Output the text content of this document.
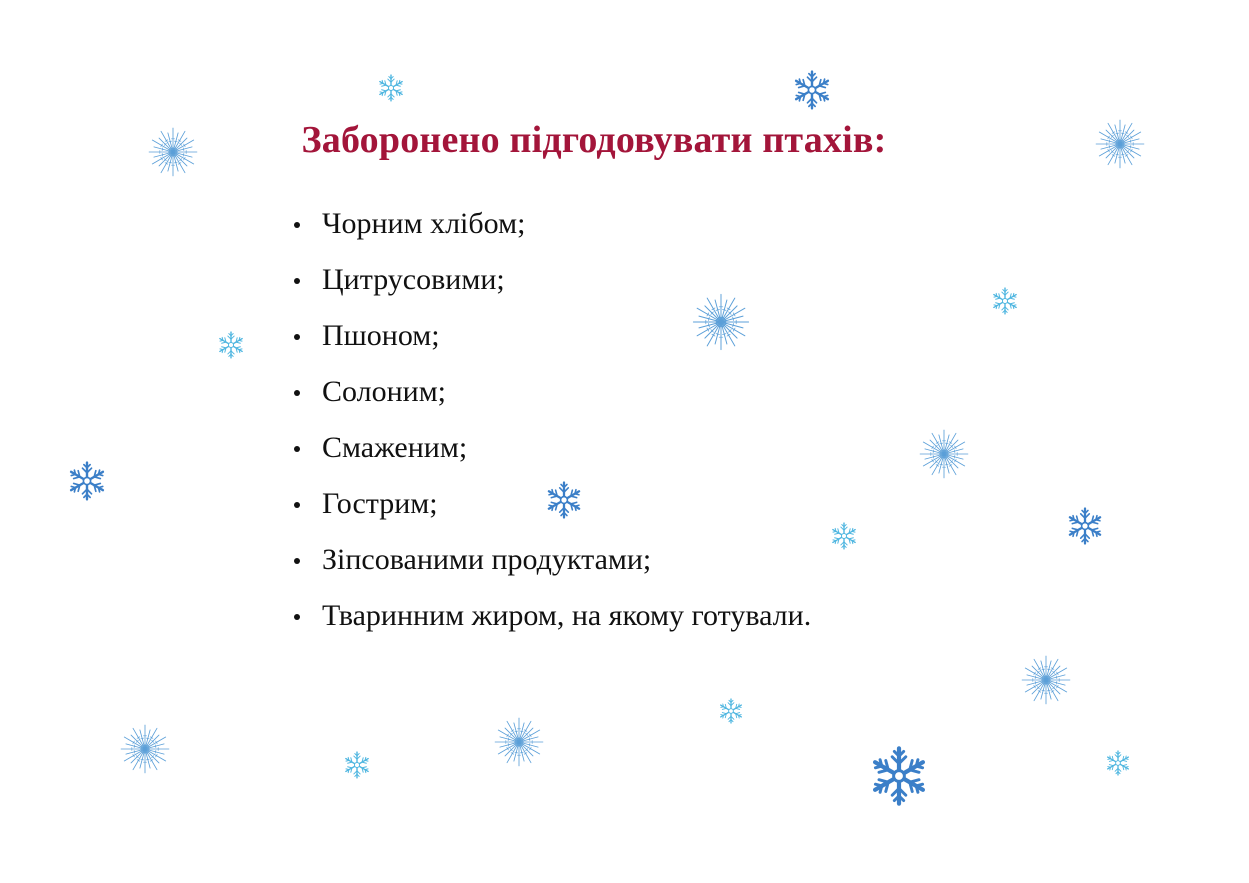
Заборонено підгодовувати птахів:
Чорним хлібом;
Цитрусовими;
Пшоном;
Солоним;
Смаженим;
Гострим;
Зіпсованими продуктами;
Тваринним жиром, на якому готували.
